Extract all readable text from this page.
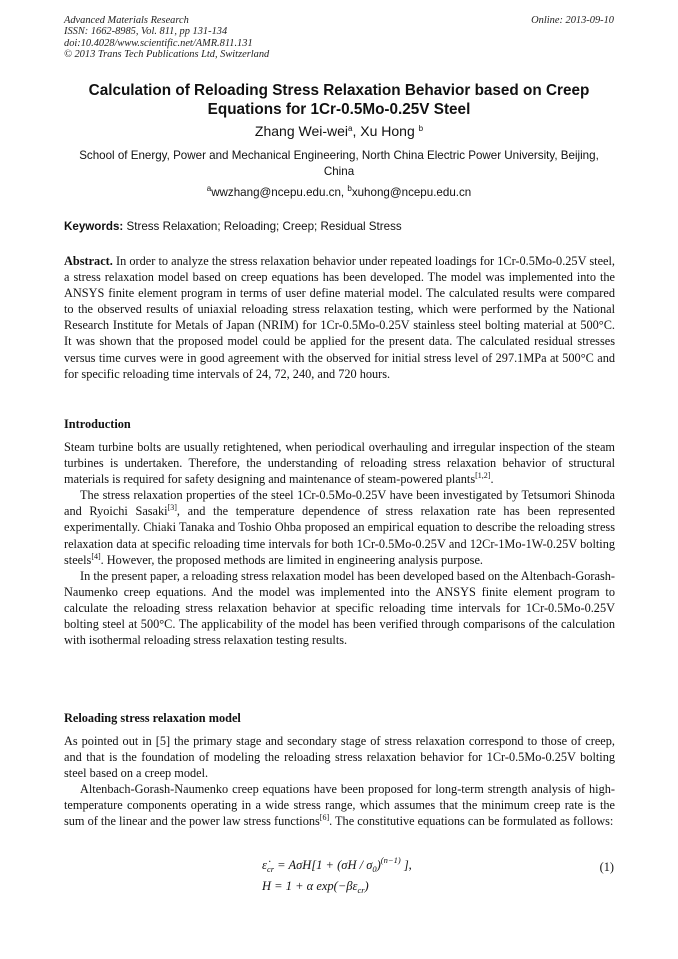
Advanced Materials Research
ISSN: 1662-8985, Vol. 811, pp 131-134
doi:10.4028/www.scientific.net/AMR.811.131
© 2013 Trans Tech Publications Ltd, Switzerland
Online: 2013-09-10
Calculation of Reloading Stress Relaxation Behavior based on Creep Equations for 1Cr-0.5Mo-0.25V Steel
Zhang Wei-wei$^a$, Xu Hong $^b$
School of Energy, Power and Mechanical Engineering, North China Electric Power University, Beijing, China
$^a$wwzhang@ncepu.edu.cn, $^b$xuhong@ncepu.edu.cn
Keywords: Stress Relaxation; Reloading; Creep; Residual Stress

Abstract. In order to analyze the stress relaxation behavior under repeated loadings for 1Cr-0.5Mo-0.25V steel, a stress relaxation model based on creep equations has been developed. The model was implemented into the ANSYS finite element program in terms of user define material model. The calculated results were compared to the observed results of uniaxial reloading stress relaxation testing, which were performed by the National Research Institute for Metals of Japan (NRIM) for 1Cr-0.5Mo-0.25V stainless steel bolting material at 500°C. It was shown that the proposed model could be applied for the present data. The calculated residual stresses versus time curves were in good agreement with the observed for initial stress level of 297.1MPa at 500°C and for specific reloading time intervals of 24, 72, 240, and 720 hours.

Introduction

Steam turbine bolts are usually retightened, when periodical overhauling and irregular inspection of the steam turbines is undertaken. Therefore, the understanding of reloading stress relaxation behavior of structural materials is required for safety designing and maintenance of steam-powered plants[1,2].

The stress relaxation properties of the steel 1Cr-0.5Mo-0.25V have been investigated by Tetsumori Shinoda and Ryoichi Sasaki[3], and the temperature dependence of stress relaxation rate has been represented experimentally. Chiaki Tanaka and Toshio Ohba proposed an empirical equation to describe the reloading stress relaxation data at specific reloading time intervals for both 1Cr-0.5Mo-0.25V and 12Cr-1Mo-1W-0.25V bolting steels[4]. However, the proposed methods are limited in engineering analysis purpose.

In the present paper, a reloading stress relaxation model has been developed based on the Altenbach-Gorash-Naumenko creep equations. And the model was implemented into the ANSYS finite element program to calculate the reloading stress relaxation behavior at specific reloading time intervals for 1Cr-0.5Mo-0.25V bolting steel at 500°C. The applicability of the model has been verified through comparisons of the calculation with isothermal reloading stress relaxation testing results.

Reloading stress relaxation model

As pointed out in [5] the primary stage and secondary stage of stress relaxation correspond to those of creep, and that is the foundation of modeling the reloading stress relaxation behavior for 1Cr-0.5Mo-0.25V bolting steel based on a creep model.

Altenbach-Gorash-Naumenko creep equations have been proposed for long-term strength analysis of high-temperature components operating in a wide stress range, which assumes that the minimum creep rate is the sum of the linear and the power law stress functions[6]. The constitutive equations can be formulated as follows:

$\varepsiloṅ_{cr} = A\sigma H[1 + (\sigma H / \sigma_0)^{(n-1)}$ ],
H = 1 + α $\exp(-\beta\varepsilon_{cr})$
(1)
